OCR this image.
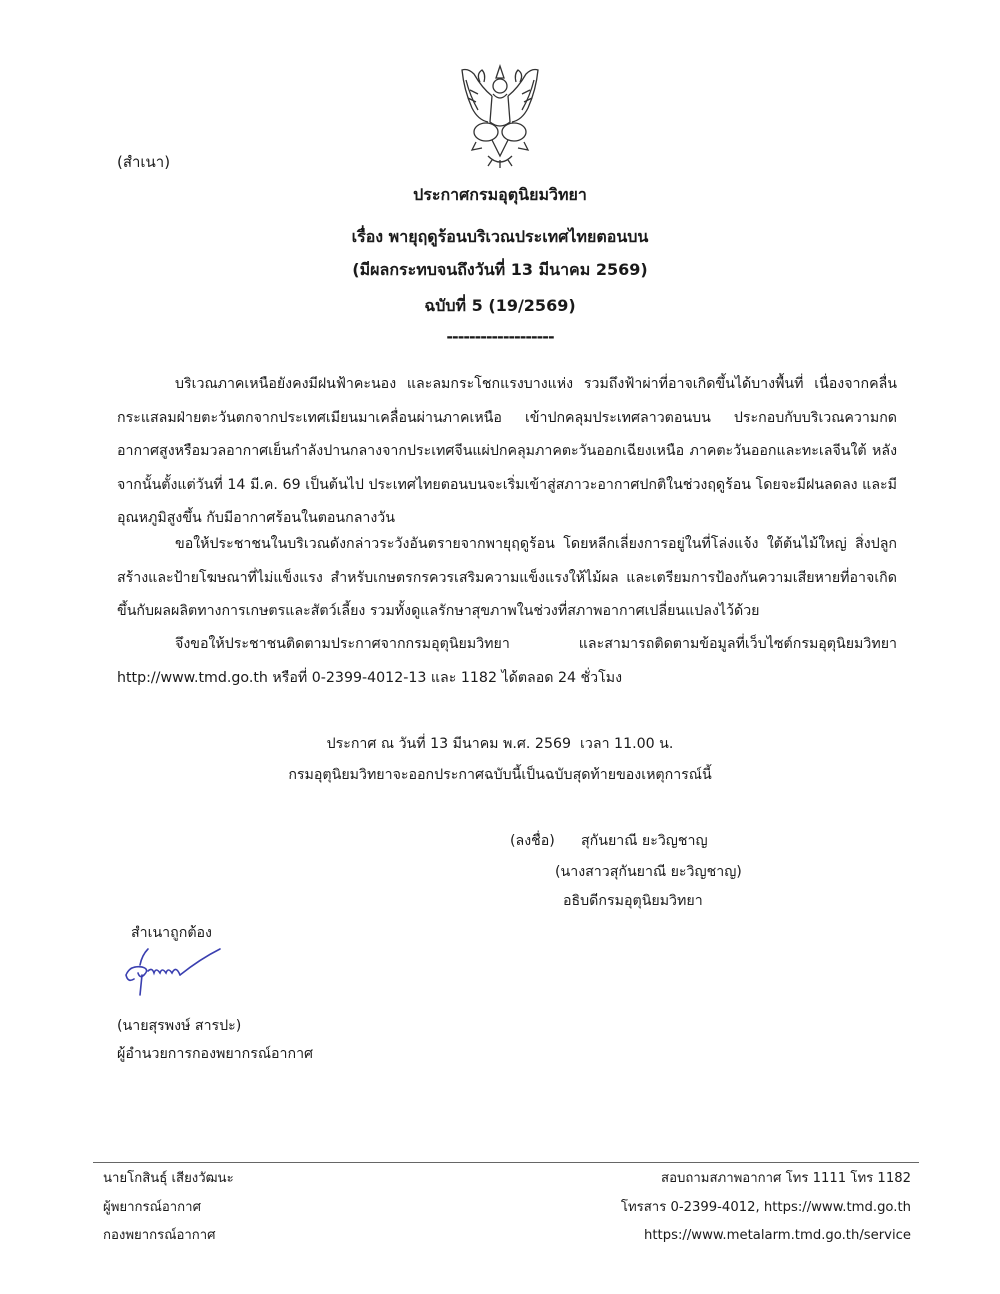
(สำเนา)
ประกาศกรมอุตุนิยมวิทยา
เรื่อง พายุฤดูร้อนบริเวณประเทศไทยตอนบน
(มีผลกระทบจนถึงวันที่ 13 มีนาคม 2569)
ฉบับที่ 5 (19/2569)
-------------------
บริเวณภาคเหนือยังคงมีฝนฟ้าคะนอง และลมกระโชกแรงบางแห่ง รวมถึงฟ้าผ่าที่อาจเกิดขึ้นได้บางพื้นที่ เนื่องจากคลื่นกระแสลมฝ่ายตะวันตกจากประเทศเมียนมาเคลื่อนผ่านภาคเหนือ เข้าปกคลุมประเทศลาวตอนบน ประกอบกับบริเวณความกดอากาศสูงหรือมวลอากาศเย็นกำลังปานกลางจากประเทศจีนแผ่ปกคลุมภาคตะวันออกเฉียงเหนือ ภาคตะวันออกและทะเลจีนใต้ หลังจากนั้นตั้งแต่วันที่ 14 มี.ค. 69 เป็นต้นไป ประเทศไทยตอนบนจะเริ่มเข้าสู่สภาวะอากาศปกติในช่วงฤดูร้อน โดยจะมีฝนลดลง และมีอุณหภูมิสูงขึ้น กับมีอากาศร้อนในตอนกลางวัน
ขอให้ประชาชนในบริเวณดังกล่าวระวังอันตรายจากพายุฤดูร้อน โดยหลีกเลี่ยงการอยู่ในที่โล่งแจ้ง ใต้ต้นไม้ใหญ่ สิ่งปลูกสร้างและป้ายโฆษณาที่ไม่แข็งแรง สำหรับเกษตรกรควรเสริมความแข็งแรงให้ไม้ผล และเตรียมการป้องกันความเสียหายที่อาจเกิดขึ้นกับผลผลิตทางการเกษตรและสัตว์เลี้ยง รวมทั้งดูแลรักษาสุขภาพในช่วงที่สภาพอากาศเปลี่ยนแปลงไว้ด้วย
จึงขอให้ประชาชนติดตามประกาศจากกรมอุตุนิยมวิทยา และสามารถติดตามข้อมูลที่เว็บไซต์กรมอุตุนิยมวิทยา http://www.tmd.go.th หรือที่ 0-2399-4012-13 และ 1182 ได้ตลอด 24 ชั่วโมง
ประกาศ ณ วันที่ 13 มีนาคม พ.ศ. 2569  เวลา 11.00 น.
กรมอุตุนิยมวิทยาจะออกประกาศฉบับนี้เป็นฉบับสุดท้ายของเหตุการณ์นี้
(ลงชื่อ) สุกันยาณี ยะวิญชาญ
(นางสาวสุกันยาณี ยะวิญชาญ)
อธิบดีกรมอุตุนิยมวิทยา
สำเนาถูกต้อง
(นายสุรพงษ์ สารปะ)
ผู้อำนวยการกองพยากรณ์อากาศ
นายโกสินธุ์ เสียงวัฒนะ
ผู้พยากรณ์อากาศ
กองพยากรณ์อากาศ
สอบถามสภาพอากาศ โทร 1111 โทร 1182
โทรสาร 0-2399-4012, https://www.tmd.go.th
https://www.metalarm.tmd.go.th/service
